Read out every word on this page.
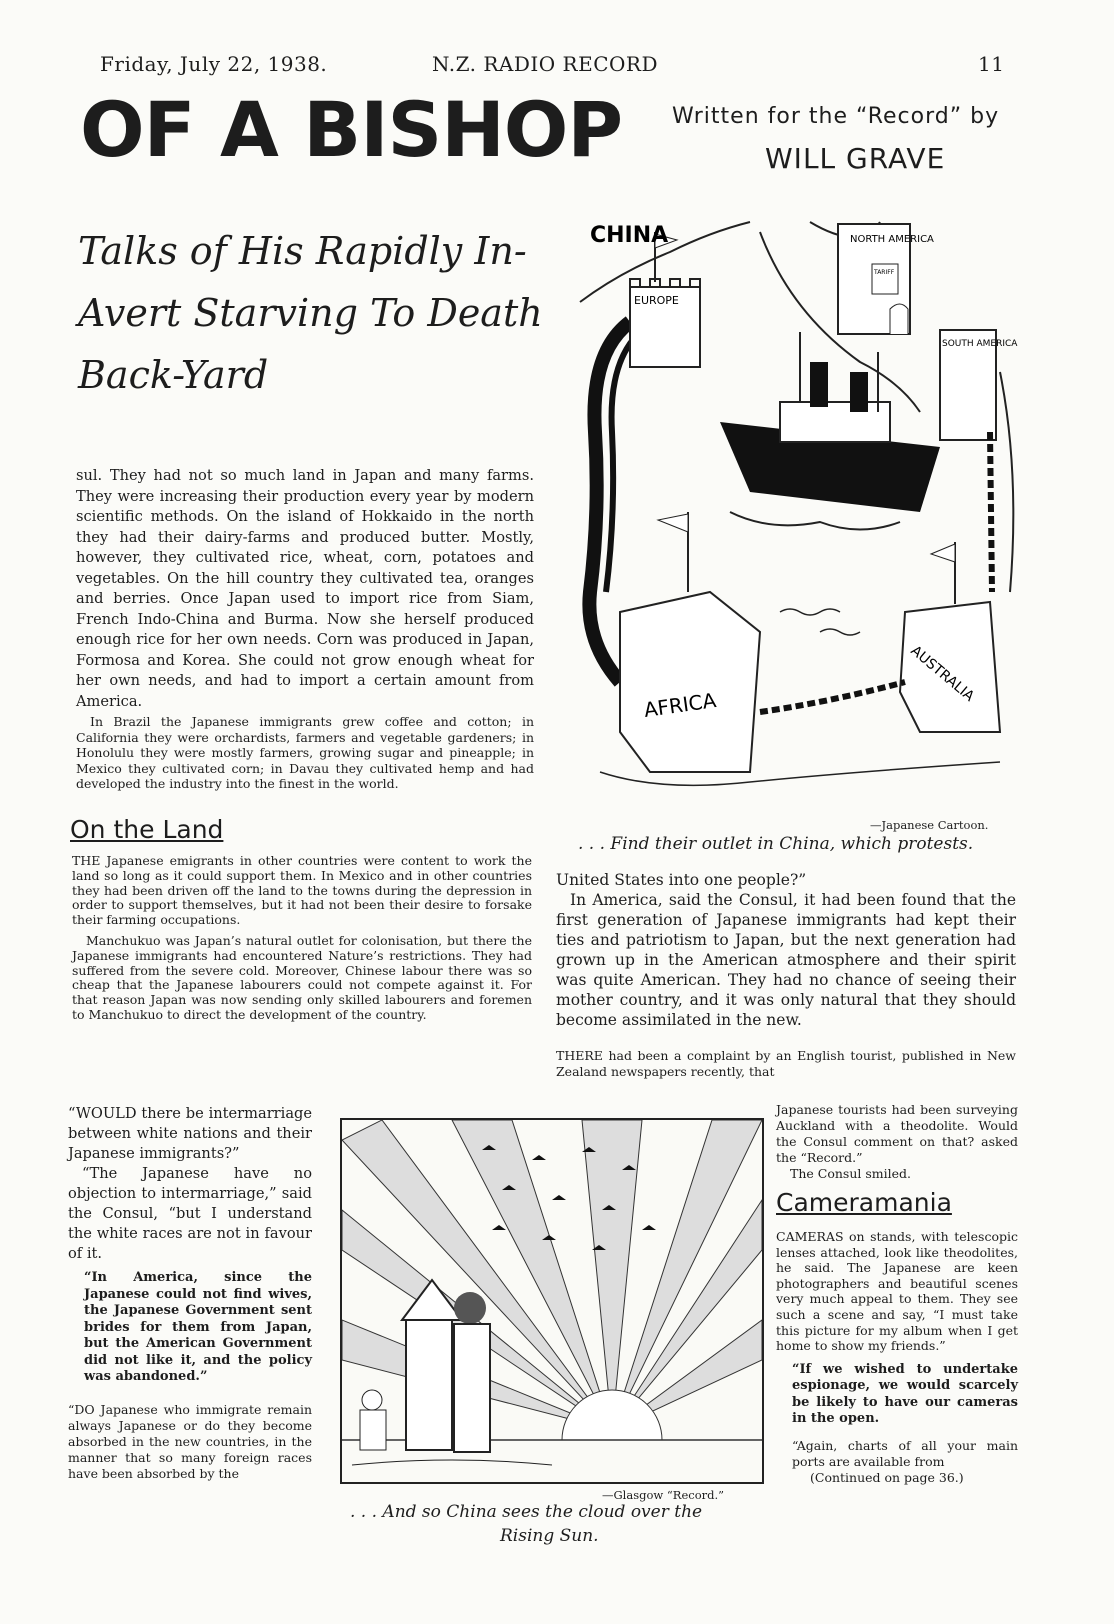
Friday, July 22, 1938.	N.Z. RADIO RECORD	11
OF A BISHOP Written for the “Record” by
WILL GRAVE
Talks of His Rapidly In-
Avert Starving To Death
Back-Yard

sul. They had not so much land in Japan and many farms. They were increasing their production every year by modern scientific methods. On the island of Hokkaido in the north they had their dairy-farms and produced butter. Mostly, however, they cultivated rice, wheat, corn, potatoes and vegetables. On the hill country they cultivated tea, oranges and berries. Once Japan used to import rice from Siam, French Indo-China and Burma. Now she herself produced enough rice for her own needs. Corn was produced in Japan, Formosa and Korea. She could not grow enough wheat for her own needs, and had to import a certain amount from America.

In Brazil the Japanese immigrants grew coffee and cotton; in California they were orchardists, farmers and vegetable gardeners; in Honolulu they were mostly farmers, growing sugar and pineapple; in Mexico they cultivated corn; in Davau they cultivated hemp and had developed the industry into the finest in the world.

On the Land

THE Japanese emigrants in other countries were content to work the land so long as it could support them. In Mexico and in other countries they had been driven off the land to the towns during the depression in order to support themselves, but it had not been their desire to forsake their farming occupations.

Manchukuo was Japan’s natural outlet for colonisation, but there the Japanese immigrants had encountered Nature’s restrictions. They had suffered from the severe cold. Moreover, Chinese labour there was so cheap that the Japanese labourers could not compete against it. For that reason Japan was now sending only skilled labourers and foremen to Manchukuo to direct the development of the country.

EUROPE
CHINA	NORTH AMERICA
TARIFF
SOUTH AMERICA
AFRICA
AUSTRALIA
—Japanese Cartoon.
. . . Find their outlet in China, which protests.

United States into one people?”

In America, said the Consul, it had been found that the first generation of Japanese immigrants had kept their ties and patriotism to Japan, but the next generation had grown up in the American atmosphere and their spirit was quite American. They had no chance of seeing their mother country, and it was only natural that they should become assimilated in the new.

THERE had been a complaint by an English tourist, published in New Zealand newspapers recently, that

Japanese tourists had been surveying Auckland with a theodolite. Would the Consul comment on that? asked the “Record.”

The Consul smiled.

Cameramania

CAMERAS on stands, with telescopic lenses attached, look like theodolites, he said. The Japanese are keen photographers and beautiful scenes very much appeal to them. They see such a scene and say, “I must take this picture for my album when I get home to show my friends.”

“If we wished to undertake espionage, we would scarcely be likely to have our cameras in the open.

“Again, charts of all your main ports are available from

(Continued on page 36.)

“WOULD there be intermarriage between white nations and their Japanese immigrants?”

“The Japanese have no objection to intermarriage,” said the Consul, “but I understand the white races are not in favour of it.

“In America, since the Japanese could not find wives, the Japanese Government sent brides for them from Japan, but the American Government did not like it, and the policy was abandoned.”

“DO Japanese who immigrate remain always Japanese or do they become absorbed in the new countries, in the manner that so many foreign races have been absorbed by the

—Glasgow “Record.”
. . . And so China sees the cloud over the
Rising Sun.
